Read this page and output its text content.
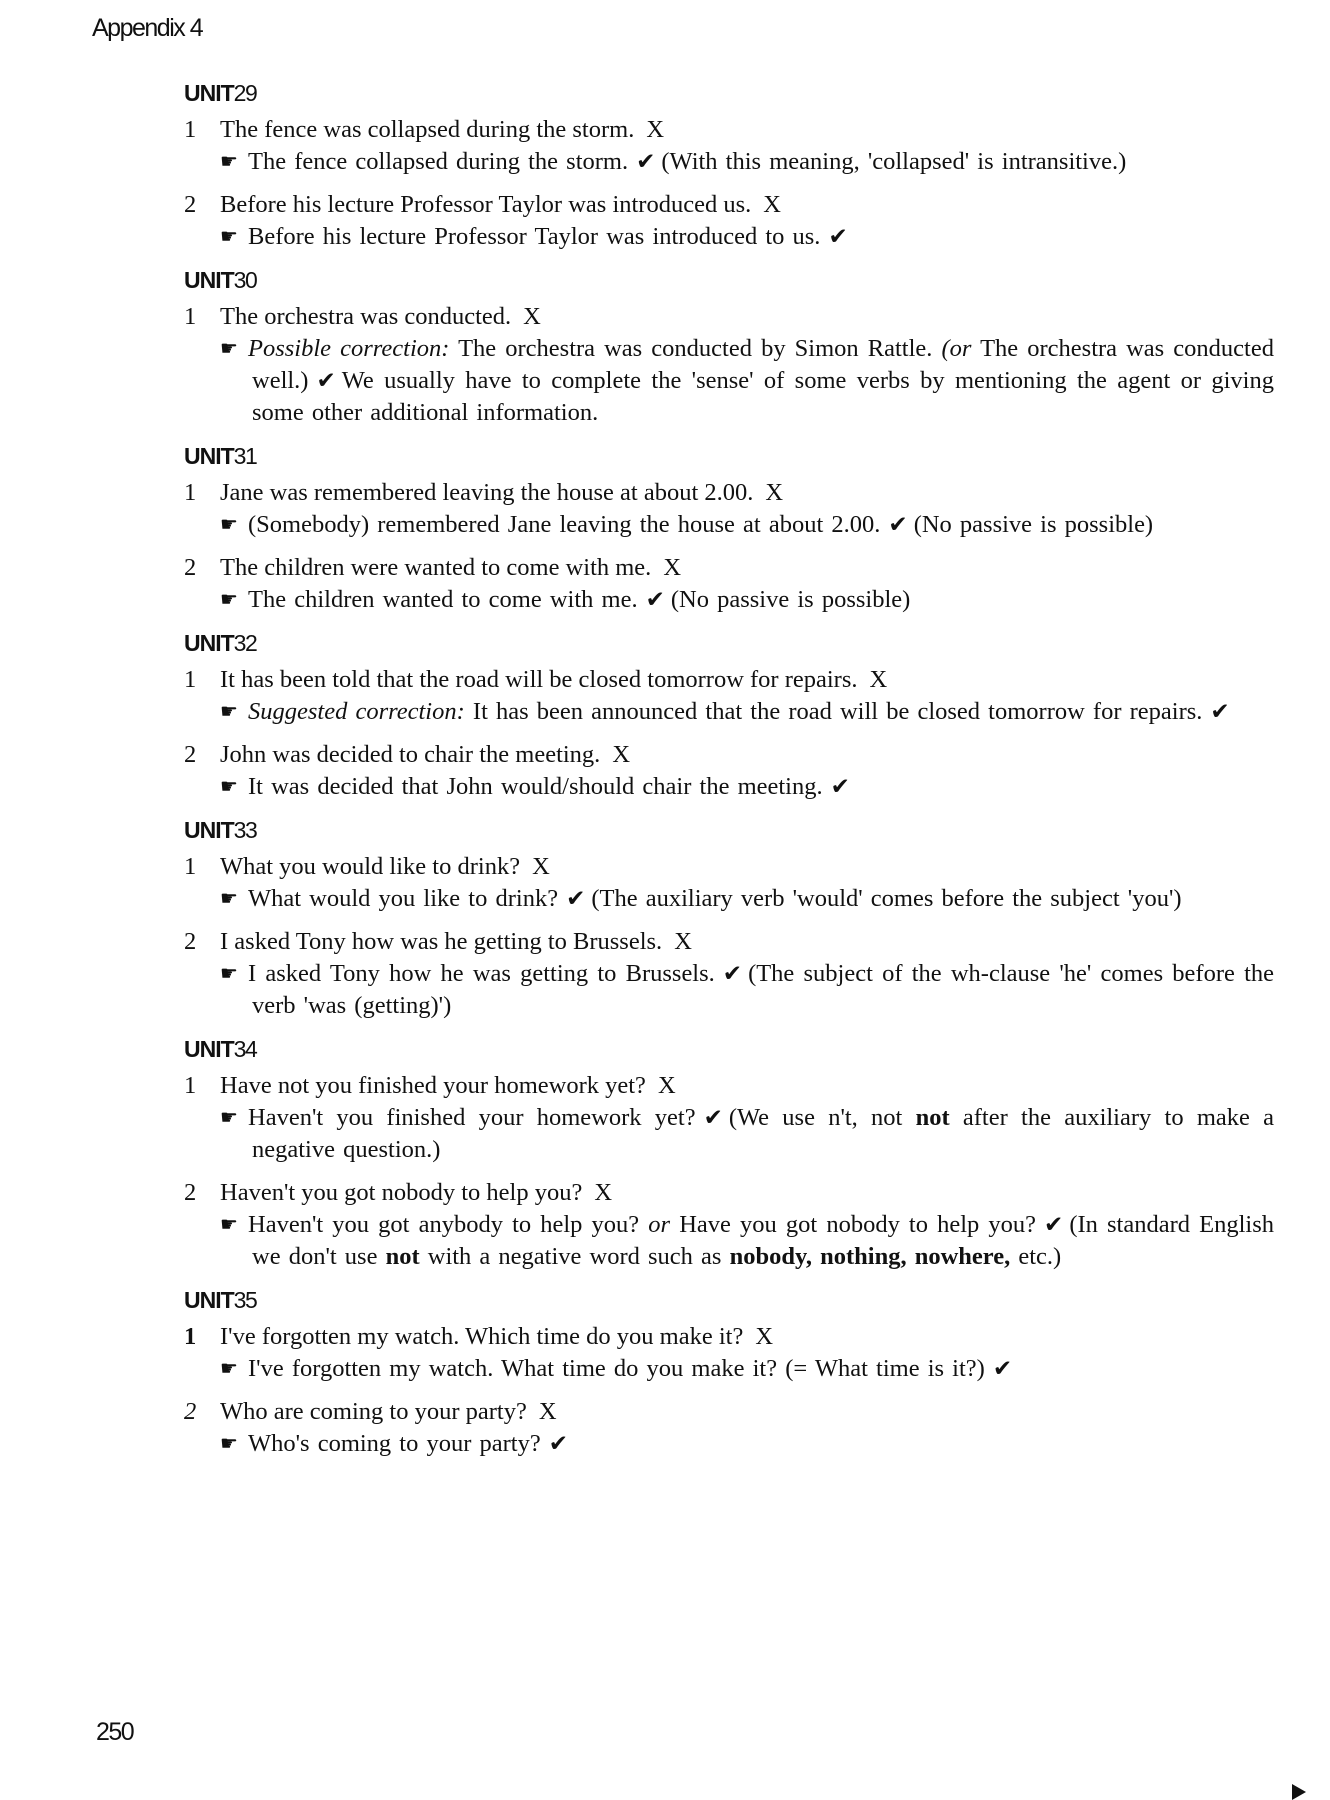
Appendix 4
UNIT29
1 The fence was collapsed during the storm. X
☛ The fence collapsed during the storm. ✔ (With this meaning, 'collapsed' is intransitive.)
2 Before his lecture Professor Taylor was introduced us. X
☛ Before his lecture Professor Taylor was introduced to us. ✔
UNIT30
1 The orchestra was conducted. X
☛ Possible correction: The orchestra was conducted by Simon Rattle. (or The orchestra was conducted well.) ✔ We usually have to complete the 'sense' of some verbs by mentioning the agent or giving some other additional information.
UNIT31
1 Jane was remembered leaving the house at about 2.00. X
☛ (Somebody) remembered Jane leaving the house at about 2.00. ✔ (No passive is possible)
2 The children were wanted to come with me. X
☛ The children wanted to come with me. ✔ (No passive is possible)
UNIT32
1 It has been told that the road will be closed tomorrow for repairs. X
☛ Suggested correction: It has been announced that the road will be closed tomorrow for repairs. ✔
2 John was decided to chair the meeting. X
☛ It was decided that John would/should chair the meeting. ✔
UNIT33
1 What you would like to drink? X
☛ What would you like to drink? ✔ (The auxiliary verb 'would' comes before the subject 'you')
2 I asked Tony how was he getting to Brussels. X
☛ I asked Tony how he was getting to Brussels. ✔ (The subject of the wh-clause 'he' comes before the verb 'was (getting)')
UNIT34
1 Have not you finished your homework yet? X
☛ Haven't you finished your homework yet? ✔ (We use n't, not not after the auxiliary to make a negative question.)
2 Haven't you got nobody to help you? X
☛ Haven't you got anybody to help you? or Have you got nobody to help you? ✔ (In standard English we don't use not with a negative word such as nobody, nothing, nowhere, etc.)
UNIT35
1 I've forgotten my watch. Which time do you make it? X
☛ I've forgotten my watch. What time do you make it? (= What time is it?) ✔
2 Who are coming to your party? X
☛ Who's coming to your party? ✔
250
